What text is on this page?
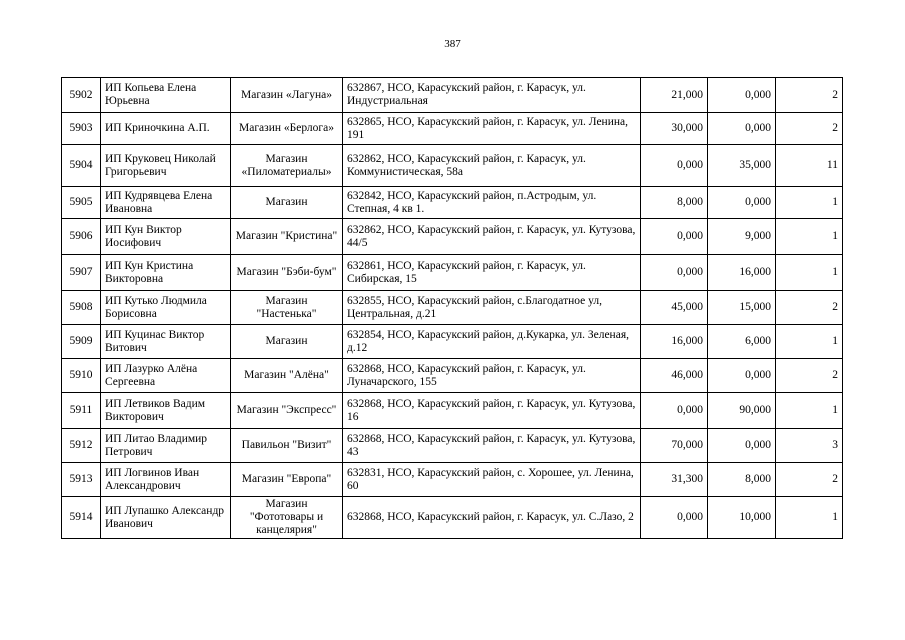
387
5902	ИП Копьева Елена Юрьевна	Магазин «Лагуна»	632867, НСО, Карасукский район, г. Карасук, ул. Индустриальная	21,000	0,000	2
5903	ИП Криночкина А.П.	Магазин «Берлога»	632865, НСО, Карасукский район, г. Карасук, ул. Ленина, 191	30,000	0,000	2
5904	ИП Круковец Николай Григорьевич	Магазин «Пиломатериалы»	632862, НСО, Карасукский район, г. Карасук, ул. Коммунистическая, 58а	0,000	35,000	11
5905	ИП Кудрявцева Елена Ивановна	Магазин	632842, НСО, Карасукский район, п.Астродым, ул. Степная, 4 кв 1.	8,000	0,000	1
5906	ИП Кун Виктор Иосифович	Магазин "Кристина"	632862, НСО, Карасукский район, г. Карасук, ул. Кутузова, 44/5	0,000	9,000	1
5907	ИП Кун Кристина Викторовна	Магазин "Бэби-бум"	632861, НСО, Карасукский район, г. Карасук, ул. Сибирская, 15	0,000	16,000	1
5908	ИП Кутько Людмила Борисовна	Магазин "Настенька"	632855, НСО, Карасукский район, с.Благодатное ул, Центральная, д.21	45,000	15,000	2
5909	ИП Куцинас Виктор Витович	Магазин	632854, НСО, Карасукский район, д.Кукарка, ул. Зеленая, д.12	16,000	6,000	1
5910	ИП Лазурко Алёна Сергеевна	Магазин "Алёна"	632868, НСО, Карасукский район, г. Карасук, ул. Луначарского, 155	46,000	0,000	2
5911	ИП Летвиков Вадим Викторович	Магазин "Экспресс"	632868, НСО, Карасукский район, г. Карасук, ул. Кутузова, 16	0,000	90,000	1
5912	ИП Литао Владимир Петрович	Павильон "Визит"	632868, НСО, Карасукский район, г. Карасук, ул. Кутузова, 43	70,000	0,000	3
5913	ИП Логвинов Иван Александрович	Магазин "Европа"	632831, НСО, Карасукский район, с. Хорошее, ул. Ленина, 60	31,300	8,000	2
5914	ИП Лупашко Александр Иванович	Магазин "Фототовары и канцелярия"	632868, НСО, Карасукский район, г. Карасук, ул. С.Лазо, 2	0,000	10,000	1
